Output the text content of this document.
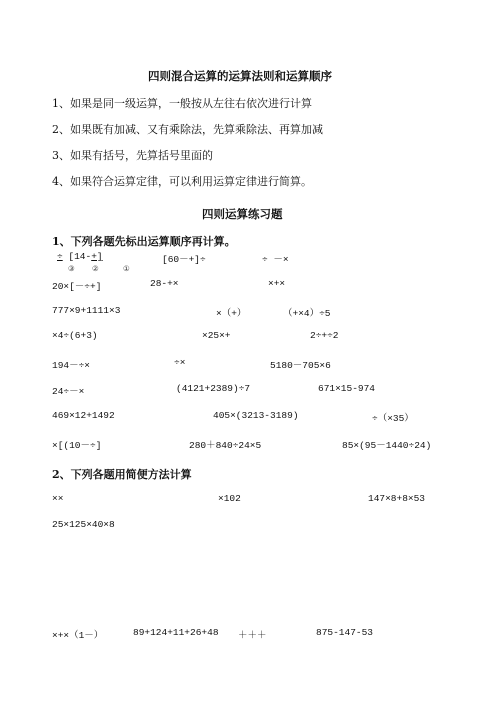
四则混合运算的运算法则和运算顺序
1、如果是同一级运算，一般按从左往右依次进行计算
2、如果既有加减、又有乘除法，先算乘除法、再算加减
3、如果有括号，先算括号里面的
4、如果符合运算定律，可以利用运算定律进行简算。
四则运算练习题
1、下列各题先标出运算顺序再计算。
÷ [14-+]
③ ②	①
[60－+]÷	÷ －×
20×[－÷+]	28-+×	×+×
777×9+1111×3	×（+）	（+×4）÷5
×4÷(6+3)	×25×+	2÷+÷2
194－÷×	÷×	5180－705×6
24÷－×	(4121+2389)÷7	671×15-974
469×12+1492	405×(3213-3189)	÷（×35）
×[(10－÷]	280＋840÷24×5	85×(95－1440÷24)
2、下列各题用简便方法计算
××	×102	147×8+8×53
25×125×40×8
×+×（1－）	89+124+11+26+48 ＋＋＋	875-147-53
